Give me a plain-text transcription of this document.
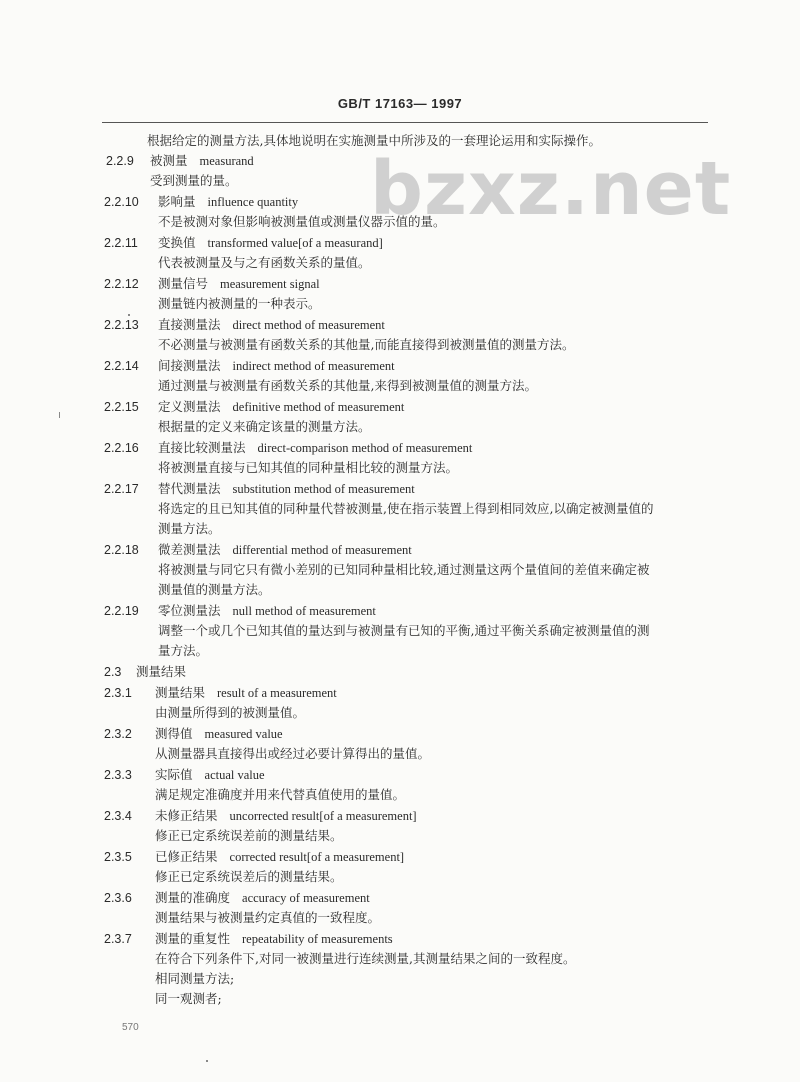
bzxz.net
GB/T 17163— 1997
根据给定的测量方法,具体地说明在实施测量中所涉及的一套理论运用和实际操作。
2.2.9 被测量 measurand
受到测量的量。
2.2.10 影响量 influence quantity
不是被测对象但影响被测量值或测量仪器示值的量。
2.2.11 变换值 transformed value[of a measurand]
代表被测量及与之有函数关系的量值。
2.2.12 测量信号 measurement signal
测量链内被测量的一种表示。
2.2.13 直接测量法 direct method of measurement
不必测量与被测量有函数关系的其他量,而能直接得到被测量值的测量方法。
2.2.14 间接测量法 indirect method of measurement
通过测量与被测量有函数关系的其他量,来得到被测量值的测量方法。
2.2.15 定义测量法 definitive method of measurement
根据量的定义来确定该量的测量方法。
2.2.16 直接比较测量法 direct-comparison method of measurement
将被测量直接与已知其值的同种量相比较的测量方法。
2.2.17 替代测量法 substitution method of measurement
将选定的且已知其值的同种量代替被测量,使在指示装置上得到相同效应,以确定被测量值的
测量方法。
2.2.18 微差测量法 differential method of measurement
将被测量与同它只有微小差别的已知同种量相比较,通过测量这两个量值间的差值来确定被
测量值的测量方法。
2.2.19 零位测量法 null method of measurement
调整一个或几个已知其值的量达到与被测量有已知的平衡,通过平衡关系确定被测量值的测
量方法。
2.3 测量结果
2.3.1 测量结果 result of a measurement
由测量所得到的被测量值。
2.3.2 测得值 measured value
从测量器具直接得出或经过必要计算得出的量值。
2.3.3 实际值 actual value
满足规定准确度并用来代替真值使用的量值。
2.3.4 未修正结果 uncorrected result[of a measurement]
修正已定系统误差前的测量结果。
2.3.5 已修正结果 corrected result[of a measurement]
修正已定系统误差后的测量结果。
2.3.6 测量的准确度 accuracy of measurement
测量结果与被测量约定真值的一致程度。
2.3.7 测量的重复性 repeatability of measurements
在符合下列条件下,对同一被测量进行连续测量,其测量结果之间的一致程度。
相同测量方法;
同一观测者;
570
